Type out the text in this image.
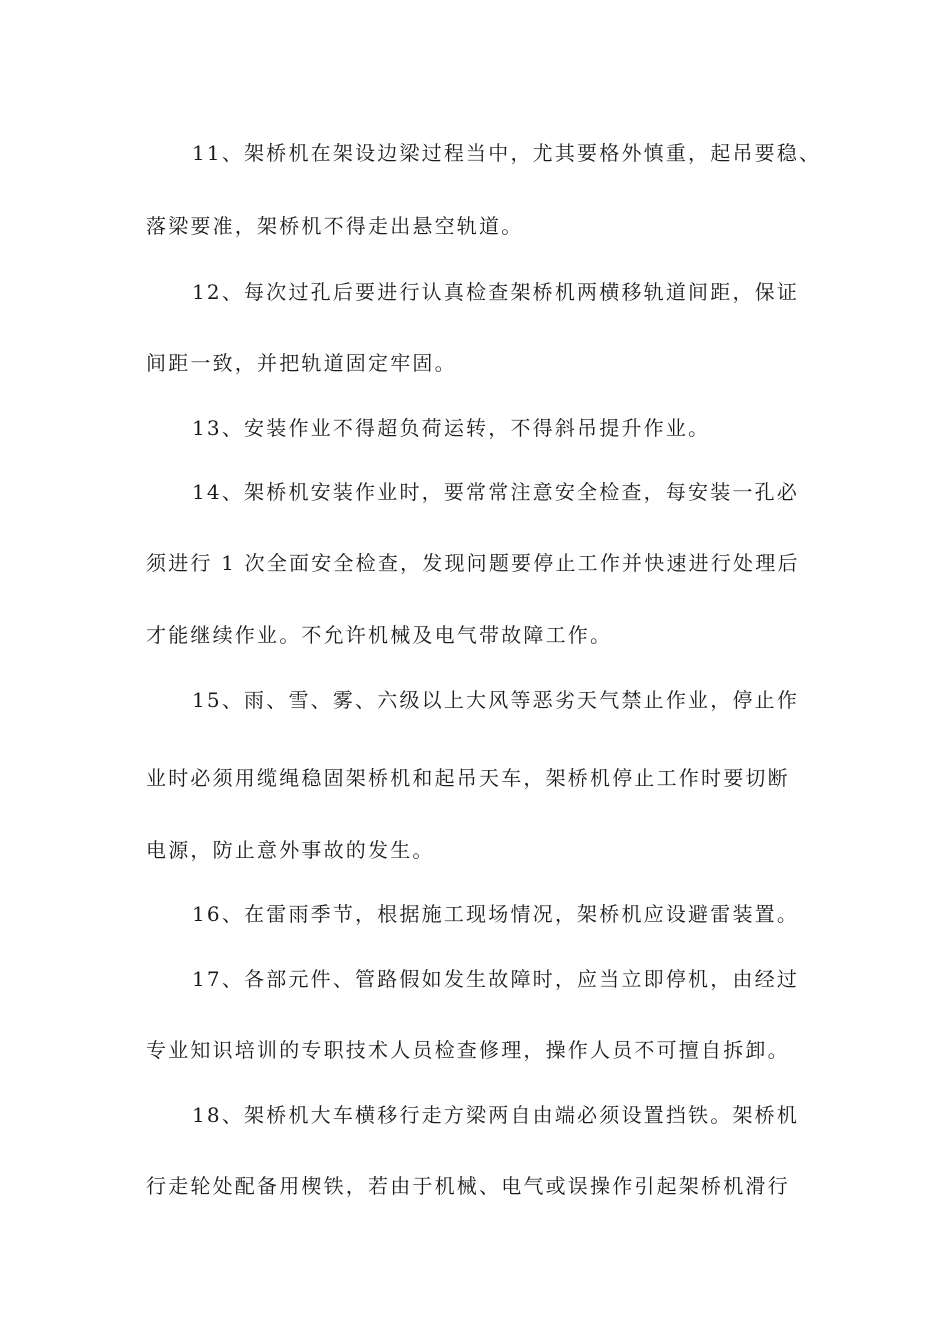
11、架桥机在架设边梁过程当中，尤其要格外慎重，起吊要稳、
落梁要准，架桥机不得走出悬空轨道。
12、每次过孔后要进行认真检查架桥机两横移轨道间距，保证
间距一致，并把轨道固定牢固。
13、安装作业不得超负荷运转，不得斜吊提升作业。
14、架桥机安装作业时，要常常注意安全检查，每安装一孔必
须进行 1 次全面安全检查，发现问题要停止工作并快速进行处理后
才能继续作业。不允许机械及电气带故障工作。
15、雨、雪、雾、六级以上大风等恶劣天气禁止作业，停止作
业时必须用缆绳稳固架桥机和起吊天车，架桥机停止工作时要切断
电源，防止意外事故的发生。
16、在雷雨季节，根据施工现场情况，架桥机应设避雷装置。
17、各部元件、管路假如发生故障时，应当立即停机，由经过
专业知识培训的专职技术人员检查修理，操作人员不可擅自拆卸。
18、架桥机大车横移行走方梁两自由端必须设置挡铁。架桥机
行走轮处配备用楔铁，若由于机械、电气或误操作引起架桥机滑行
